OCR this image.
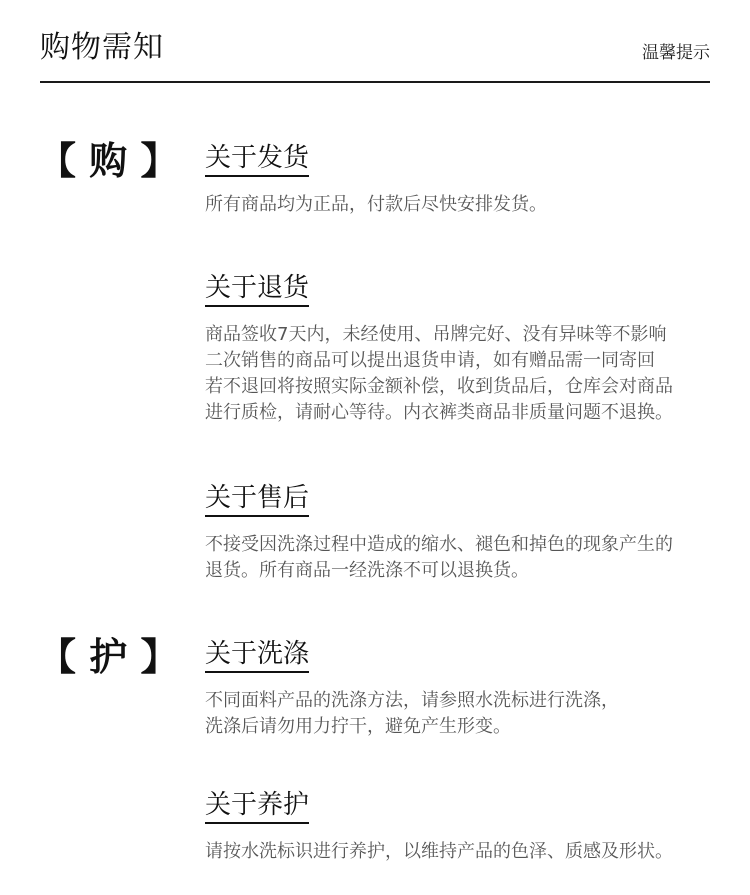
购物需知	温馨提示
【 购 】 关于发货
所有商品均为正品，付款后尽快安排发货。
关于退货
商品签收7天内，未经使用、吊牌完好、没有异味等不影响
二次销售的商品可以提出退货申请，如有赠品需一同寄回
若不退回将按照实际金额补偿，收到货品后，仓库会对商品
进行质检，请耐心等待。内衣裤类商品非质量问题不退换。
关于售后
不接受因洗涤过程中造成的缩水、褪色和掉色的现象产生的
退货。所有商品一经洗涤不可以退换货。
【 护 】 关于洗涤
不同面料产品的洗涤方法，请参照水洗标进行洗涤，
洗涤后请勿用力拧干，避免产生形变。
关于养护
请按水洗标识进行养护，以维持产品的色泽、质感及形状。
